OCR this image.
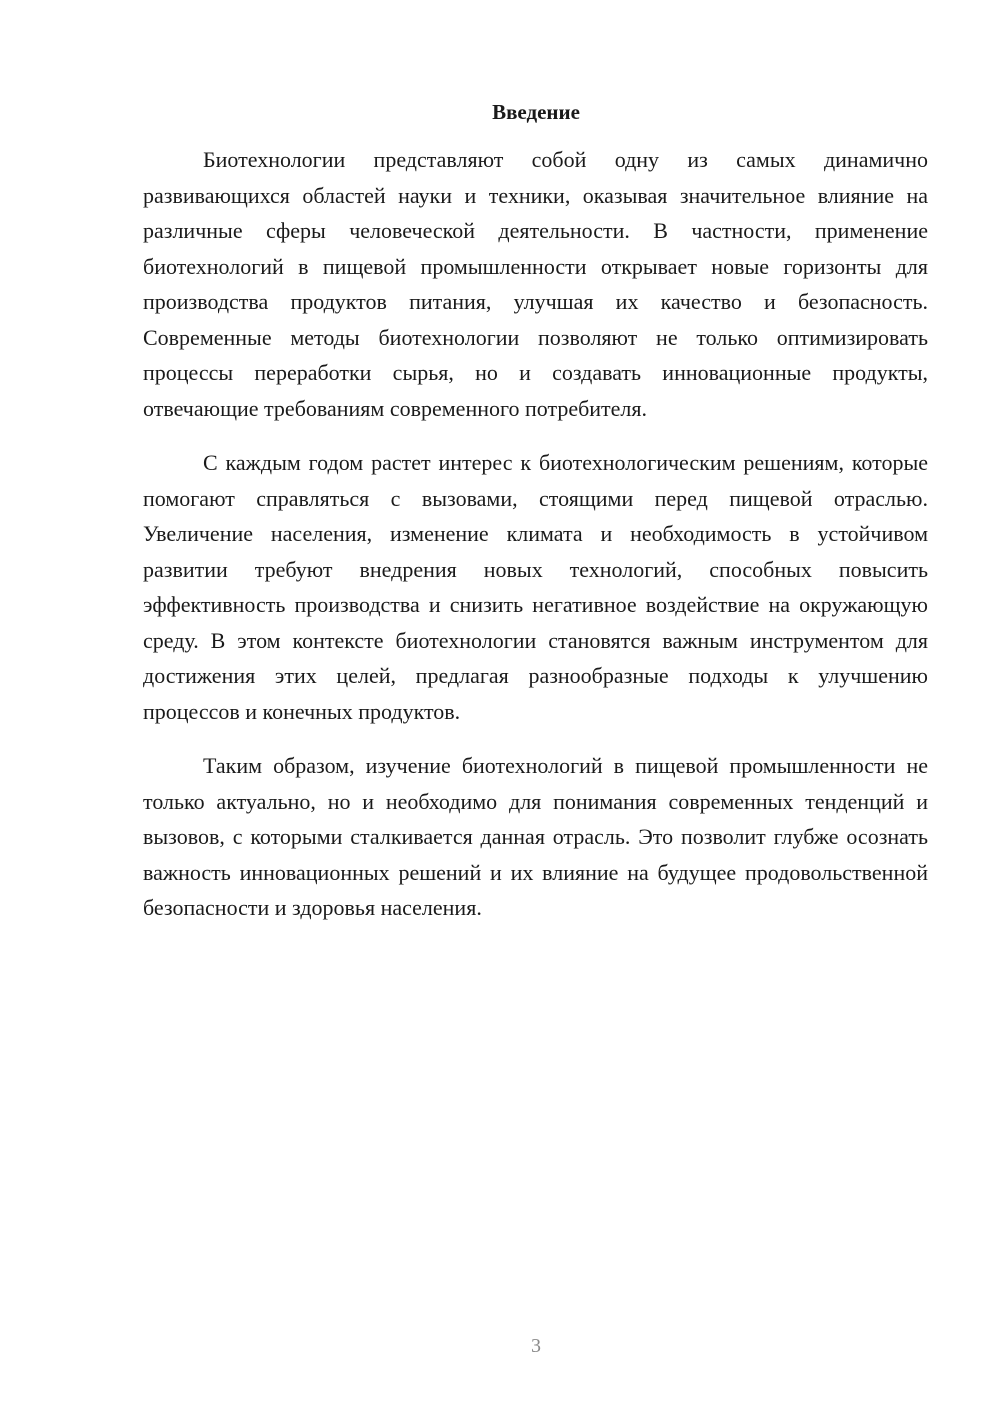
Введение

Биотехнологии представляют собой одну из самых динамично развивающихся областей науки и техники, оказывая значительное влияние на различные сферы человеческой деятельности. В частности, применение биотехнологий в пищевой промышленности открывает новые горизонты для производства продуктов питания, улучшая их качество и безопасность. Современные методы биотехнологии позволяют не только оптимизировать процессы переработки сырья, но и создавать инновационные продукты, отвечающие требованиям современного потребителя.

С каждым годом растет интерес к биотехнологическим решениям, которые помогают справляться с вызовами, стоящими перед пищевой отраслью. Увеличение населения, изменение климата и необходимость в устойчивом развитии требуют внедрения новых технологий, способных повысить эффективность производства и снизить негативное воздействие на окружающую среду. В этом контексте биотехнологии становятся важным инструментом для достижения этих целей, предлагая разнообразные подходы к улучшению процессов и конечных продуктов.

Таким образом, изучение биотехнологий в пищевой промышленности не только актуально, но и необходимо для понимания современных тенденций и вызовов, с которыми сталкивается данная отрасль. Это позволит глубже осознать важность инновационных решений и их влияние на будущее продовольственной безопасности и здоровья населения.

3
